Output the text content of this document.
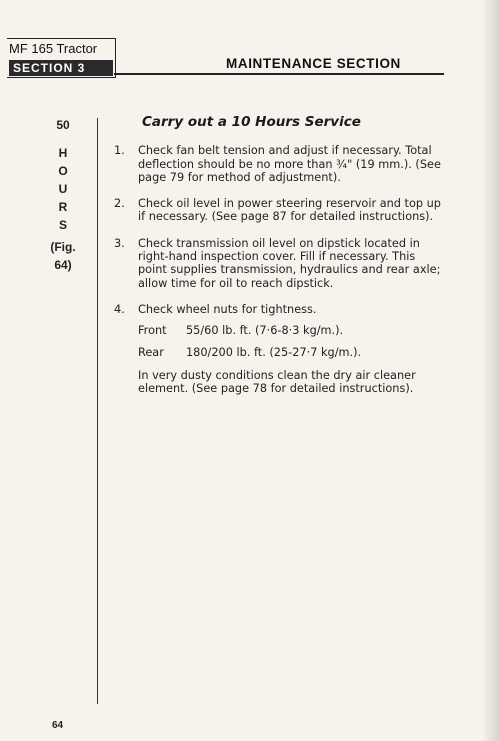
MF 165 Tractor
SECTION 3	MAINTENANCE SECTION
50
H
O
U
R
S
(Fig.
64)
Carry out a 10 Hours Service
1.	Check fan belt tension and adjust if necessary. Total deflection should be no more than ¾" (19 mm.). (See page 79 for method of adjustment).
2.	Check oil level in power steering reservoir and top up if necessary. (See page 87 for detailed instructions).
3.	Check transmission oil level on dipstick located in right-hand inspection cover. Fill if necessary. This point supplies transmission, hydraulics and rear axle; allow time for oil to reach dipstick.
4.	Check wheel nuts for tightness.
Front	55/60 lb. ft. (7·6-8·3 kg/m.).
Rear	180/200 lb. ft. (25-27·7 kg/m.).
In very dusty conditions clean the dry air cleaner element. (See page 78 for detailed instructions).
64
